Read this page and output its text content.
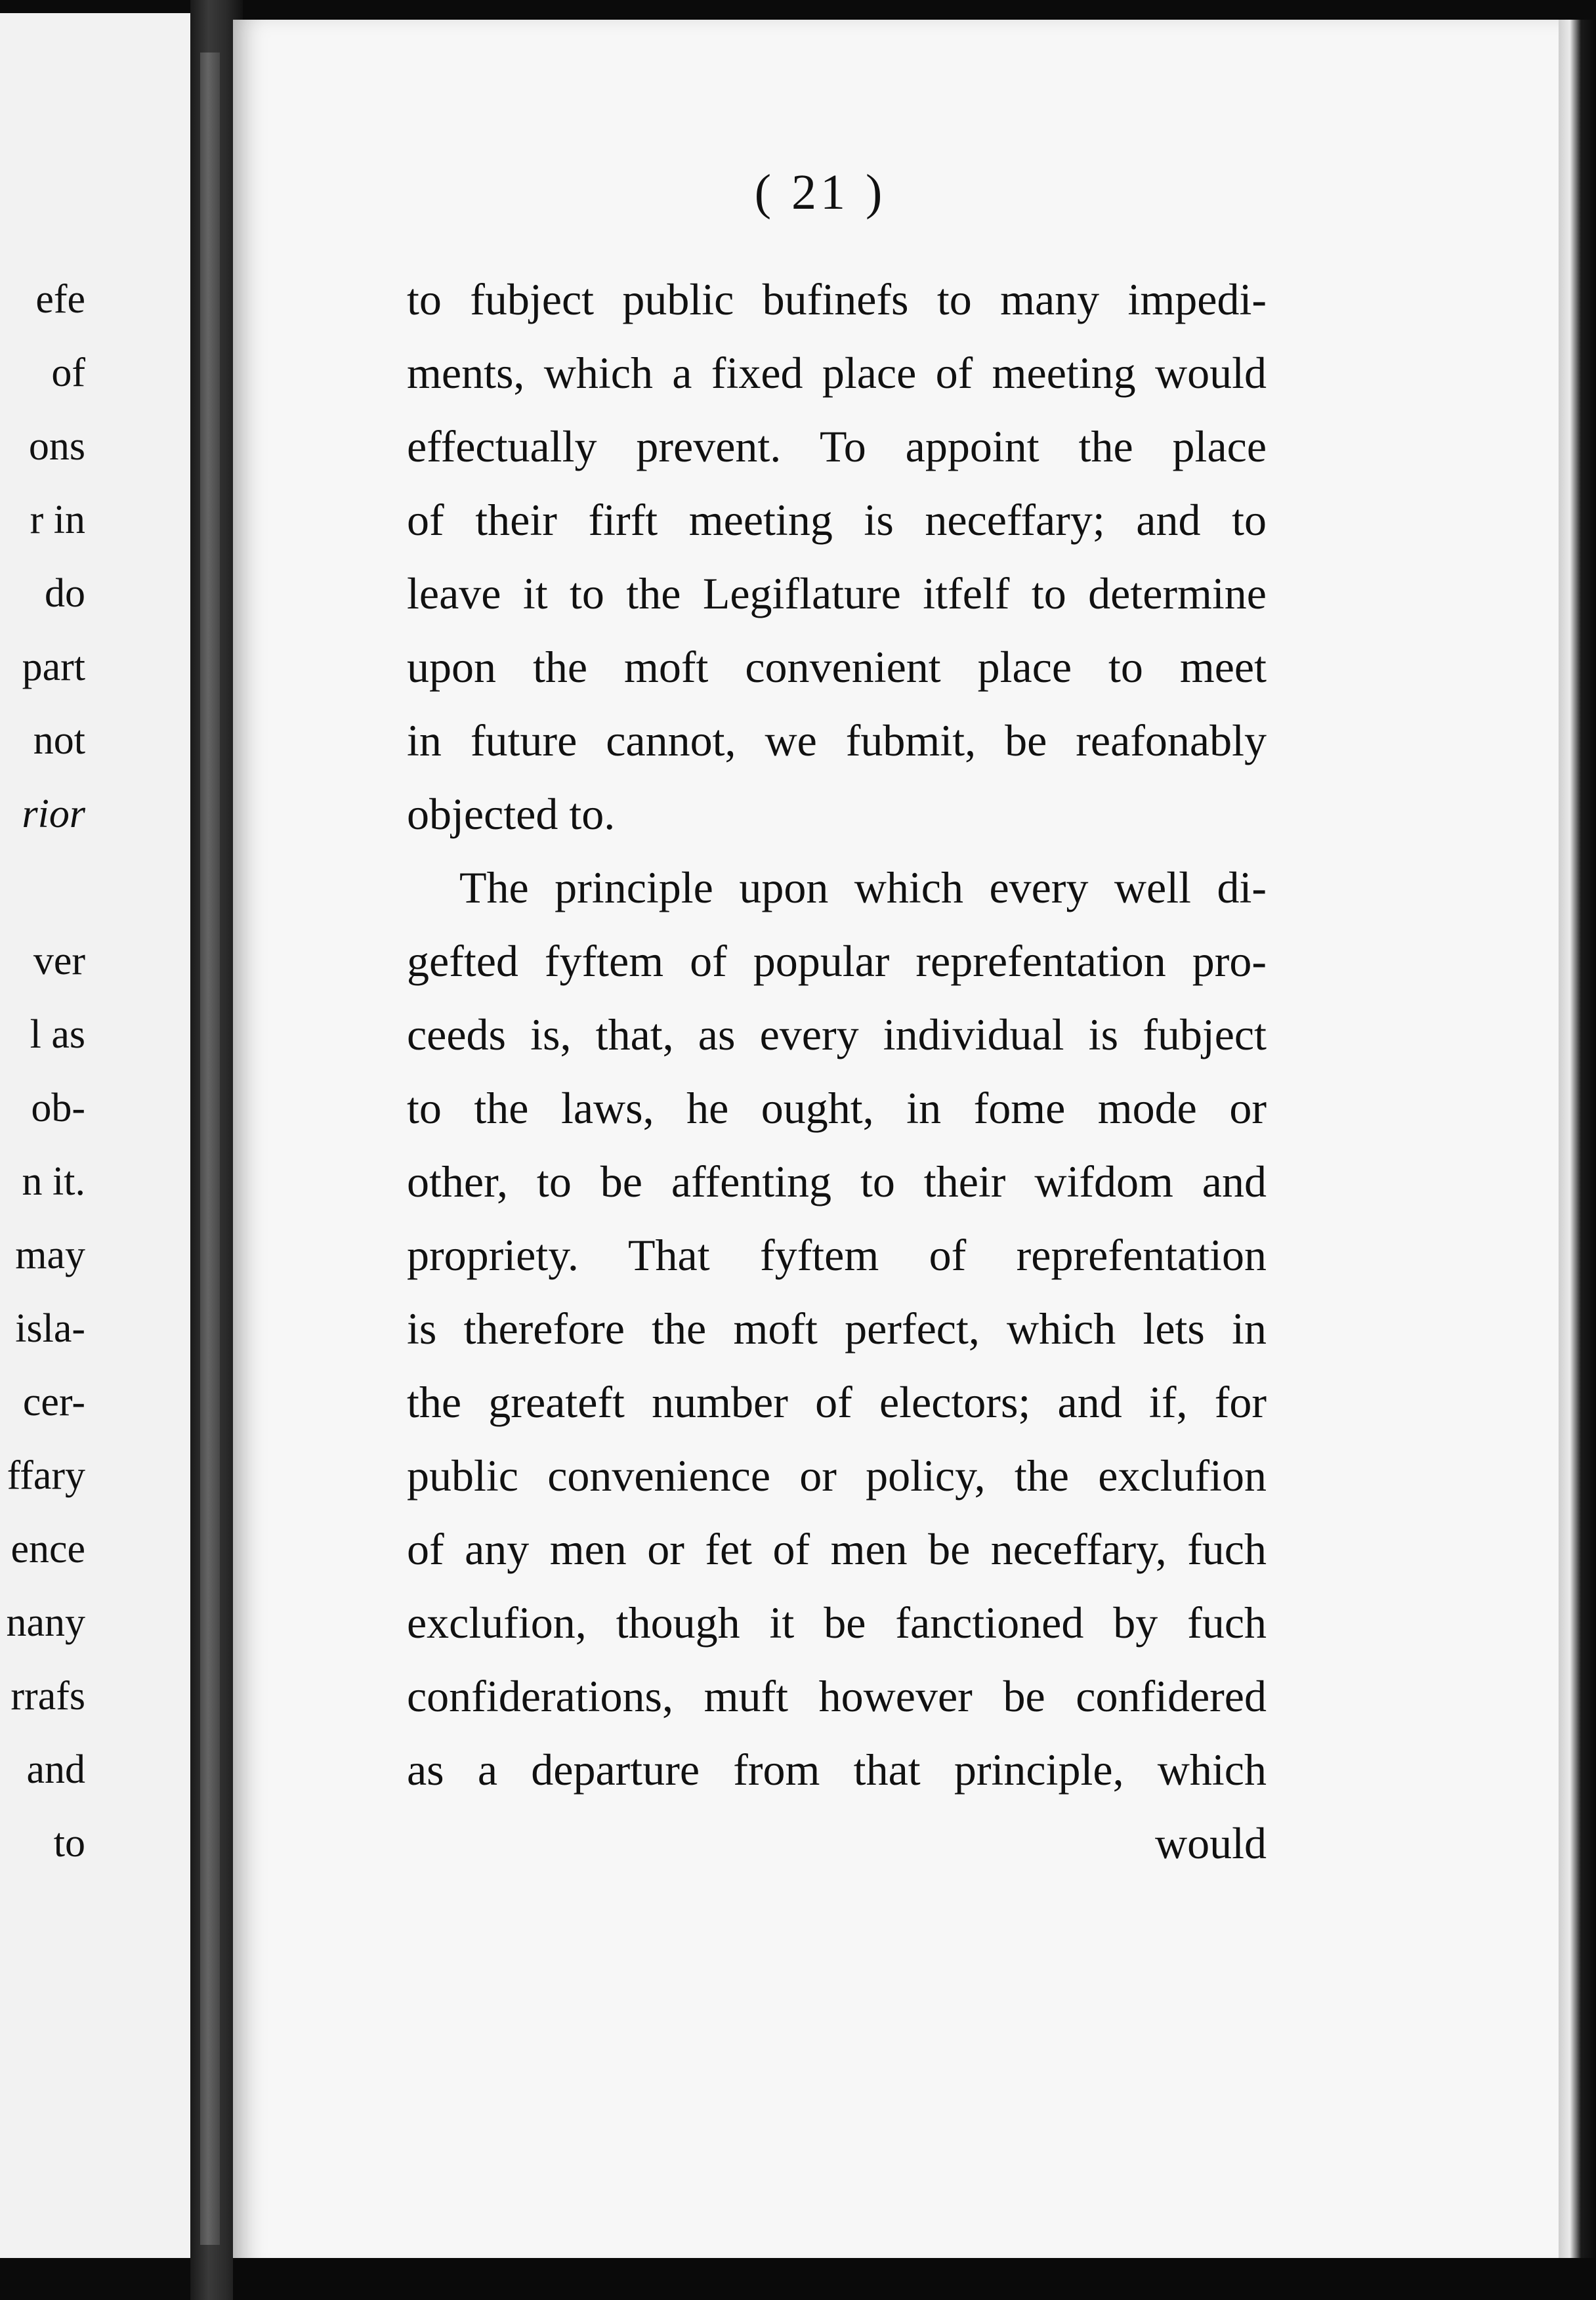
efe
of
ons
r in
do
part
not
rior
ver
l as
ob-
n it.
may
isla-
cer-
ffary
ence
nany
rrafs
and
to
( 21 )
to fubject public bufinefs to many impedi-
ments, which a fixed place of meeting would
effectually prevent. To appoint the place
of their firft meeting is neceffary; and to
leave it to the Legiflature itfelf to determine
upon the moft convenient place to meet
in future cannot, we fubmit, be reafonably
objected to.
The principle upon which every well di-
gefted fyftem of popular reprefentation pro-
ceeds is, that, as every individual is fubject
to the laws, he ought, in fome mode or
other, to be affenting to their wifdom and
propriety. That fyftem of reprefentation
is therefore the moft perfect, which lets in
the greateft number of electors; and if, for
public convenience or policy, the exclufion
of any men or fet of men be neceffary, fuch
exclufion, though it be fanctioned by fuch
confiderations, muft however be confidered
as a departure from that principle, which
would
